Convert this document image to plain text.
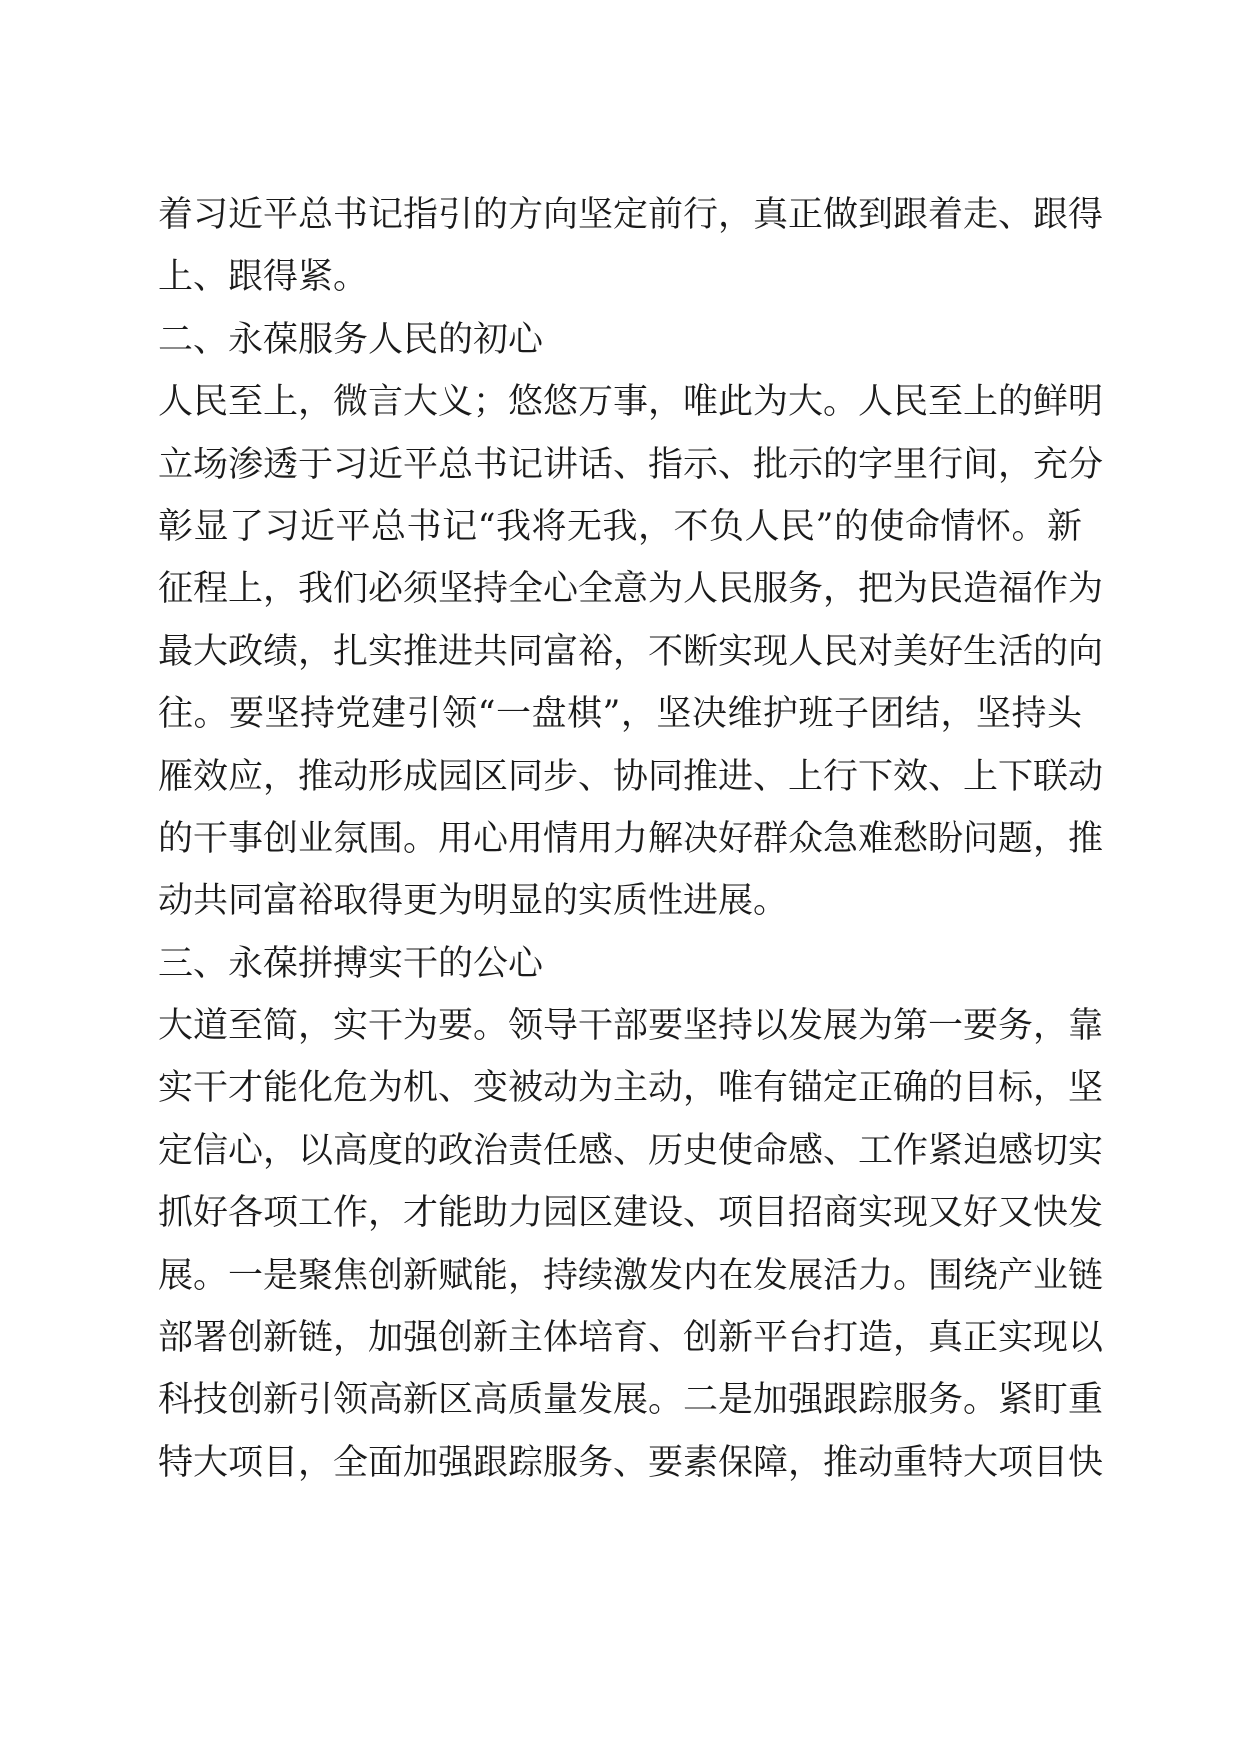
着习近平总书记指引的方向坚定前行，真正做到跟着走、跟得
上、跟得紧。
二、永葆服务人民的初心
人民至上，微言大义；悠悠万事，唯此为大。人民至上的鲜明
立场渗透于习近平总书记讲话、指示、批示的字里行间，充分
彰显了习近平总书记“我将无我，不负人民”的使命情怀。新
征程上，我们必须坚持全心全意为人民服务，把为民造福作为
最大政绩，扎实推进共同富裕，不断实现人民对美好生活的向
往。要坚持党建引领“一盘棋”，坚决维护班子团结，坚持头
雁效应，推动形成园区同步、协同推进、上行下效、上下联动
的干事创业氛围。用心用情用力解决好群众急难愁盼问题，推
动共同富裕取得更为明显的实质性进展。
三、永葆拼搏实干的公心
大道至简，实干为要。领导干部要坚持以发展为第一要务，靠
实干才能化危为机、变被动为主动，唯有锚定正确的目标，坚
定信心，以高度的政治责任感、历史使命感、工作紧迫感切实
抓好各项工作，才能助力园区建设、项目招商实现又好又快发
展。一是聚焦创新赋能，持续激发内在发展活力。围绕产业链
部署创新链，加强创新主体培育、创新平台打造，真正实现以
科技创新引领高新区高质量发展。二是加强跟踪服务。紧盯重
特大项目，全面加强跟踪服务、要素保障，推动重特大项目快
